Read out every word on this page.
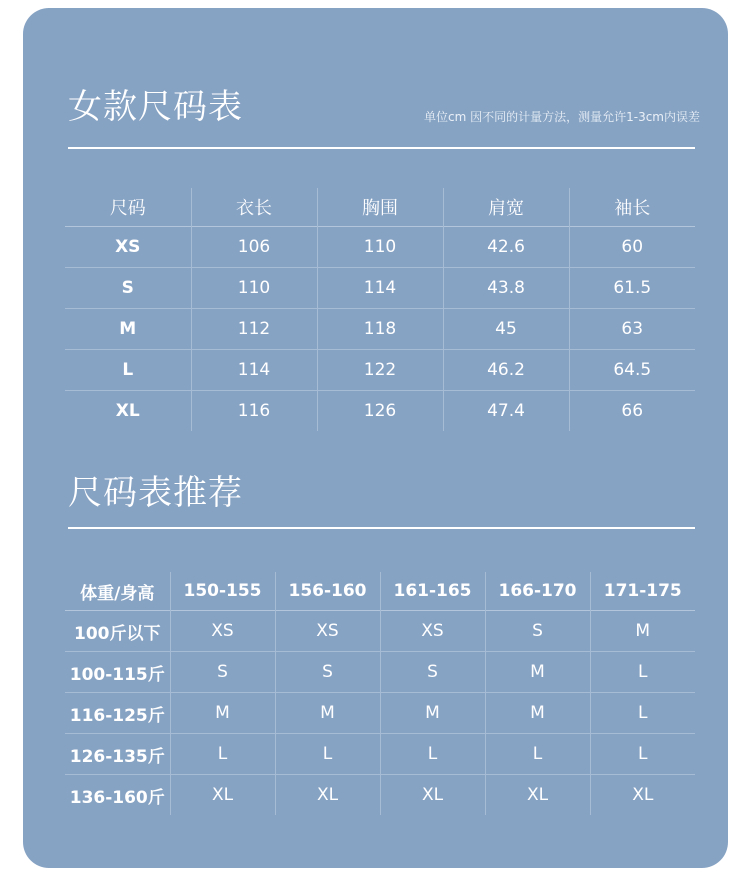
女款尺码表	单位cm 因不同的计量方法，测量允许1-3cm内误差
尺码	衣长	胸围	肩宽	袖长
XS	106	110	42.6	60
S	110	114	43.8	61.5
M	112	118	45	63
L	114	122	46.2	64.5
XL	116	126	47.4	66
尺码表推荐
体重/身高	150-155	156-160	161-165	166-170	171-175
100斤以下	XS	XS	XS	S	M
100-115斤	S	S	S	M	L
116-125斤	M	M	M	M	L
126-135斤	L	L	L	L	L
136-160斤	XL	XL	XL	XL	XL
